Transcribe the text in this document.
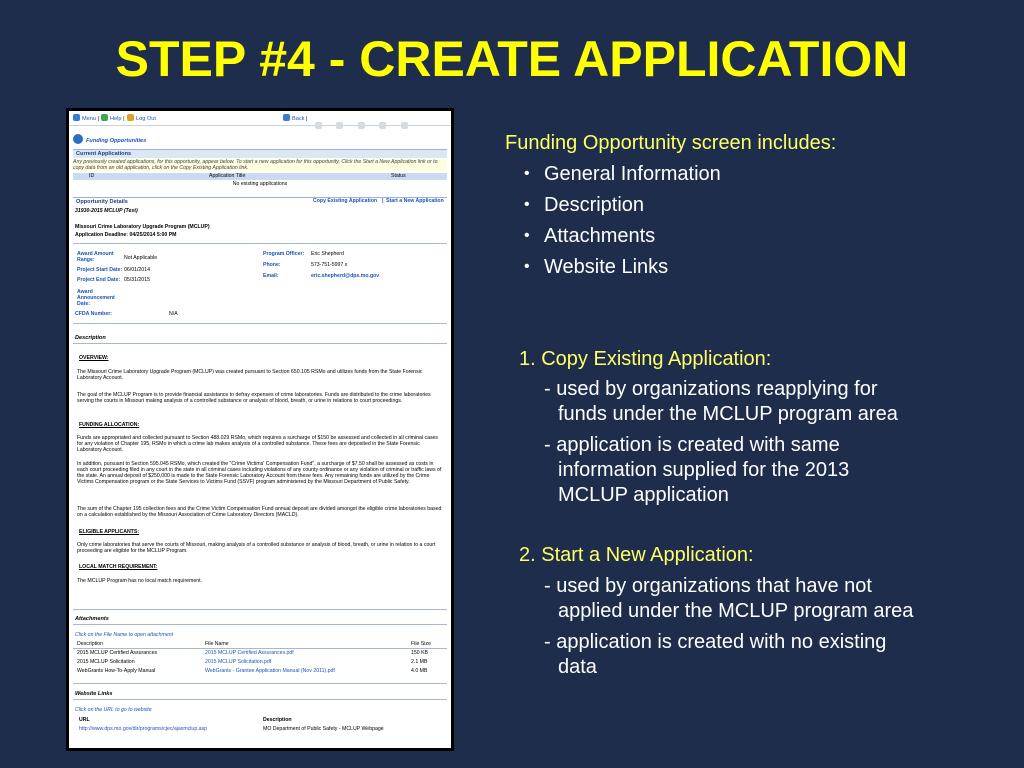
STEP #4 - CREATE APPLICATION
Menu |	Help |	Log Out	Back |

Funding Opportunities
Current Applications
Any previously created applications, for this opportunity, appear below. To start a new application for this opportunity, Click the Start a New Application link or to copy data from an old application, click on the Copy Existing Application link.
ID	Application Title	Status
No existing applications
Opportunity Details	Copy Existing Application | Start a New Application
31930-2015 MCLUP (Test)
Missouri Crime Laboratory Upgrade Program (MCLUP)
Application Deadline: 04/25/2014 5:00 PM
Award Amount Range:	Not Applicable
Project Start Date: 06/01/2014
Project End Date: 05/31/2015
Award Announcement Date:
Program Officer: Eric Shepherd
Phone:	573-751-5997 x
Email:	eric.shepherd@dps.mo.gov
CFDA Number:	N/A
Description
OVERVIEW:
The Missouri Crime Laboratory Upgrade Program (MCLUP) was created pursuant to Section 650.105 RSMo and utilizes funds from the State Forensic Laboratory Account.
The goal of the MCLUP Program is to provide financial assistance to defray expenses of crime laboratories. Funds are distributed to the crime laboratories serving the courts in Missouri making analysis of a controlled substance or analysis of blood, breath, or urine in relations to court proceedings.
FUNDING ALLOCATION:
Funds are appropriated and collected pursuant to Section 488.029 RSMo, which requires a surcharge of $150 be assessed and collected in all criminal cases for any violation of Chapter 195, RSMo in which a crime lab makes analysis of a controlled substance. These fees are deposited in the State Forensic Laboratory Account.
In addition, pursuant to Section 595.045 RSMo, which created the "Crime Victims' Compensation Fund", a surcharge of $7.50 shall be assessed as costs in each court proceeding filed in any court in the state in all criminal cases including violations of any county ordinance or any violation of criminal or traffic laws of the state. An annual deposit of $250,000 is made to the State Forensic Laboratory Account from these fees. Any remaining funds are utilized by the Crime Victims Compensation program or the State Services to Victims Fund (SSVF) program administered by the Missouri Department of Public Safety.
The sum of the Chapter 195 collection fees and the Crime Victim Compensation Fund annual deposit are divided amongst the eligible crime laboratories based on a calculation established by the Missouri Association of Crime Laboratory Directors (MACLD).
ELIGIBLE APPLICANTS:
Only crime laboratories that serve the courts of Missouri, making analysis of a controlled substance or analysis of blood, breath, or urine in relation to a court proceeding are eligible for the MCLUP Program.
LOCAL MATCH REQUIREMENT:
The MCLUP Program has no local match requirement.
Attachments
Click on the File Name to open attachment
Description	File Name	File Size
2015 MCLUP Certified Assurances	2015 MCLUP Certified Assurances.pdf	150 KB
2015 MCLUP Solicitation	2015 MCLUP Solicitation.pdf	2.1 MB
WebGrants How-To-Apply Manual	WebGrants - Grantee Application Manual (Nov 2011).pdf	4.0 MB
Website Links
Click on the URL to go to website
URL	Description
http://www.dps.mo.gov/dir/programs/cjec/ajaxmclup.asp	MO Department of Public Safety - MCLUP Webpage
Funding Opportunity screen includes:
• General Information
• Description
• Attachments
• Website Links
1. Copy Existing Application:
- used by organizations reapplying for
funds under the MCLUP program area
- application is created with same
information supplied for the 2013
MCLUP application
2. Start a New Application:
- used by organizations that have not
applied under the MCLUP program area
- application is created with no existing
data
